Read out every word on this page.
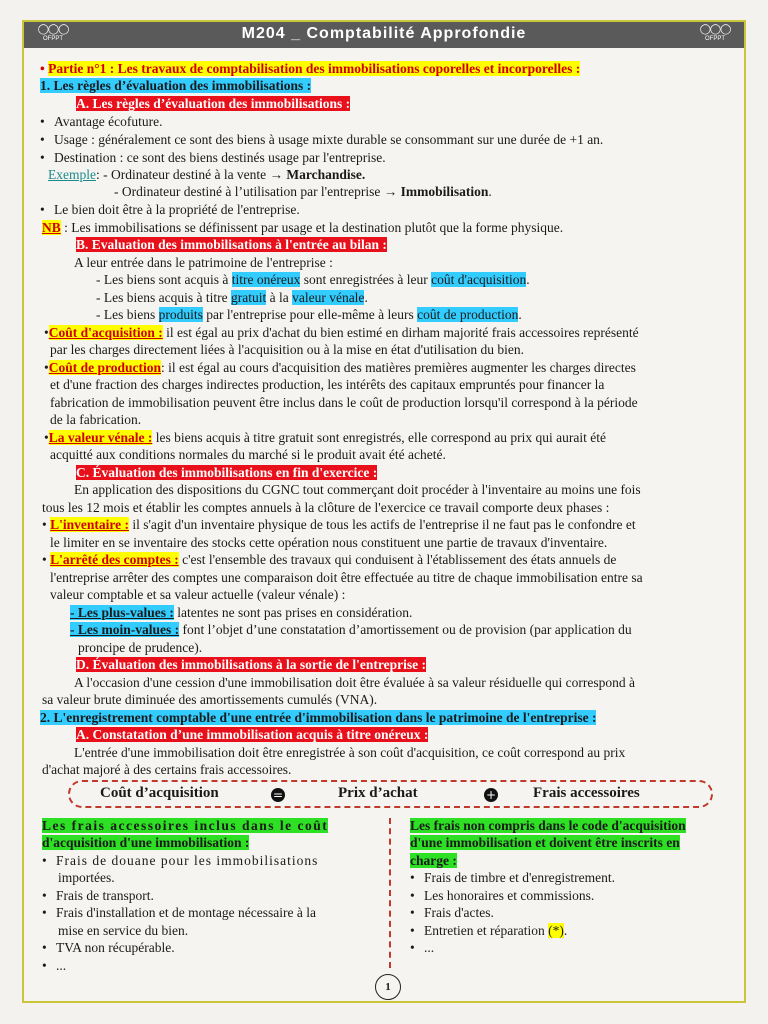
◯◯◯
OFPPT	M204 _ Comptabilité Approfondie	◯◯◯
OFPPT
• Partie n°1 : Les travaux de comptabilisation des immobilisations coporelles et incorporelles :
1. Les règles d’évaluation des immobilisations :
A. Les règles d’évaluation des immobilisations :
• Avantage écofuture.
• Usage : généralement ce sont des biens à usage mixte durable se consommant sur une durée de +1 an.
• Destination : ce sont des biens destinés usage par l'entreprise.
Exemple: - Ordinateur destiné à la vente → Marchandise.
- Ordinateur destiné à l’utilisation par l'entreprise → Immobilisation.
• Le bien doit être à la propriété de l'entreprise.
NB : Les immobilisations se définissent par usage et la destination plutôt que la forme physique.
B. Evaluation des immobilisations à l'entrée au bilan :
A leur entrée dans le patrimoine de l'entreprise :
- Les biens sont acquis à titre onéreux sont enregistrées à leur coût d'acquisition.
- Les biens acquis à titre gratuit à la valeur vénale.
- Les biens produits par l'entreprise pour elle-même à leurs coût de production.
•Coût d'acquisition : il est égal au prix d'achat du bien estimé en dirham majorité frais accessoires représenté
par les charges directement liées à l'acquisition ou à la mise en état d'utilisation du bien.
•Coût de production: il est égal au cours d'acquisition des matières premières augmenter les charges directes
et d'une fraction des charges indirectes production, les intérêts des capitaux empruntés pour financer la
fabrication de immobilisation peuvent être inclus dans le coût de production lorsqu'il correspond à la période
de la fabrication.
•La valeur vénale : les biens acquis à titre gratuit sont enregistrés, elle correspond au prix qui aurait été
acquitté aux conditions normales du marché si le produit avait été acheté.
C. Évaluation des immobilisations en fin d'exercice :
En application des dispositions du CGNC tout commerçant doit procéder à l'inventaire au moins une fois
tous les 12 mois et établir les comptes annuels à la clôture de l'exercice ce travail comporte deux phases :
• L'inventaire : il s'agit d'un inventaire physique de tous les actifs de l'entreprise il ne faut pas le confondre et
le limiter en se inventaire des stocks cette opération nous constituent une partie de travaux d'inventaire.
• L'arrêté des comptes : c'est l'ensemble des travaux qui conduisent à l'établissement des états annuels de
l'entreprise arrêter des comptes une comparaison doit être effectuée au titre de chaque immobilisation entre sa
valeur comptable et sa valeur actuelle (valeur vénale) :
- Les plus-values : latentes ne sont pas prises en considération.
- Les moin-values : font l’objet d’une constatation d’amortissement ou de provision (par application du
proncipe de prudence).
D. Évaluation des immobilisations à la sortie de l'entreprise :
A l'occasion d'une cession d'une immobilisation doit être évaluée à sa valeur résiduelle qui correspond à
sa valeur brute diminuée des amortissements cumulés (VNA).
2. L'enregistrement comptable d'une entrée d'immobilisation dans le patrimoine de l'entreprise :
A. Constatation d’une immobilisation acquis à titre onéreux :
L'entrée d'une immobilisation doit être enregistrée à son coût d'acquisition, ce coût correspond au prix
d'achat majoré à des certains frais accessoires.
Coût d’acquisition	=	Prix d’achat	+ Frais accessoires
Les frais accessoires inclus dans le coût
d'acquisition d'une immobilisation :
• Frais de douane pour les immobilisations
importées.
• Frais de transport.
• Frais d'installation et de montage nécessaire à la
mise en service du bien.
• TVA non récupérable.
• ...
Les frais non compris dans le code d'acquisition
d'une immobilisation et doivent être inscrits en
charge :
• Frais de timbre et d'enregistrement.
• Les honoraires et commissions.
• Frais d'actes.
• Entretien et réparation (*).
• ...
1
